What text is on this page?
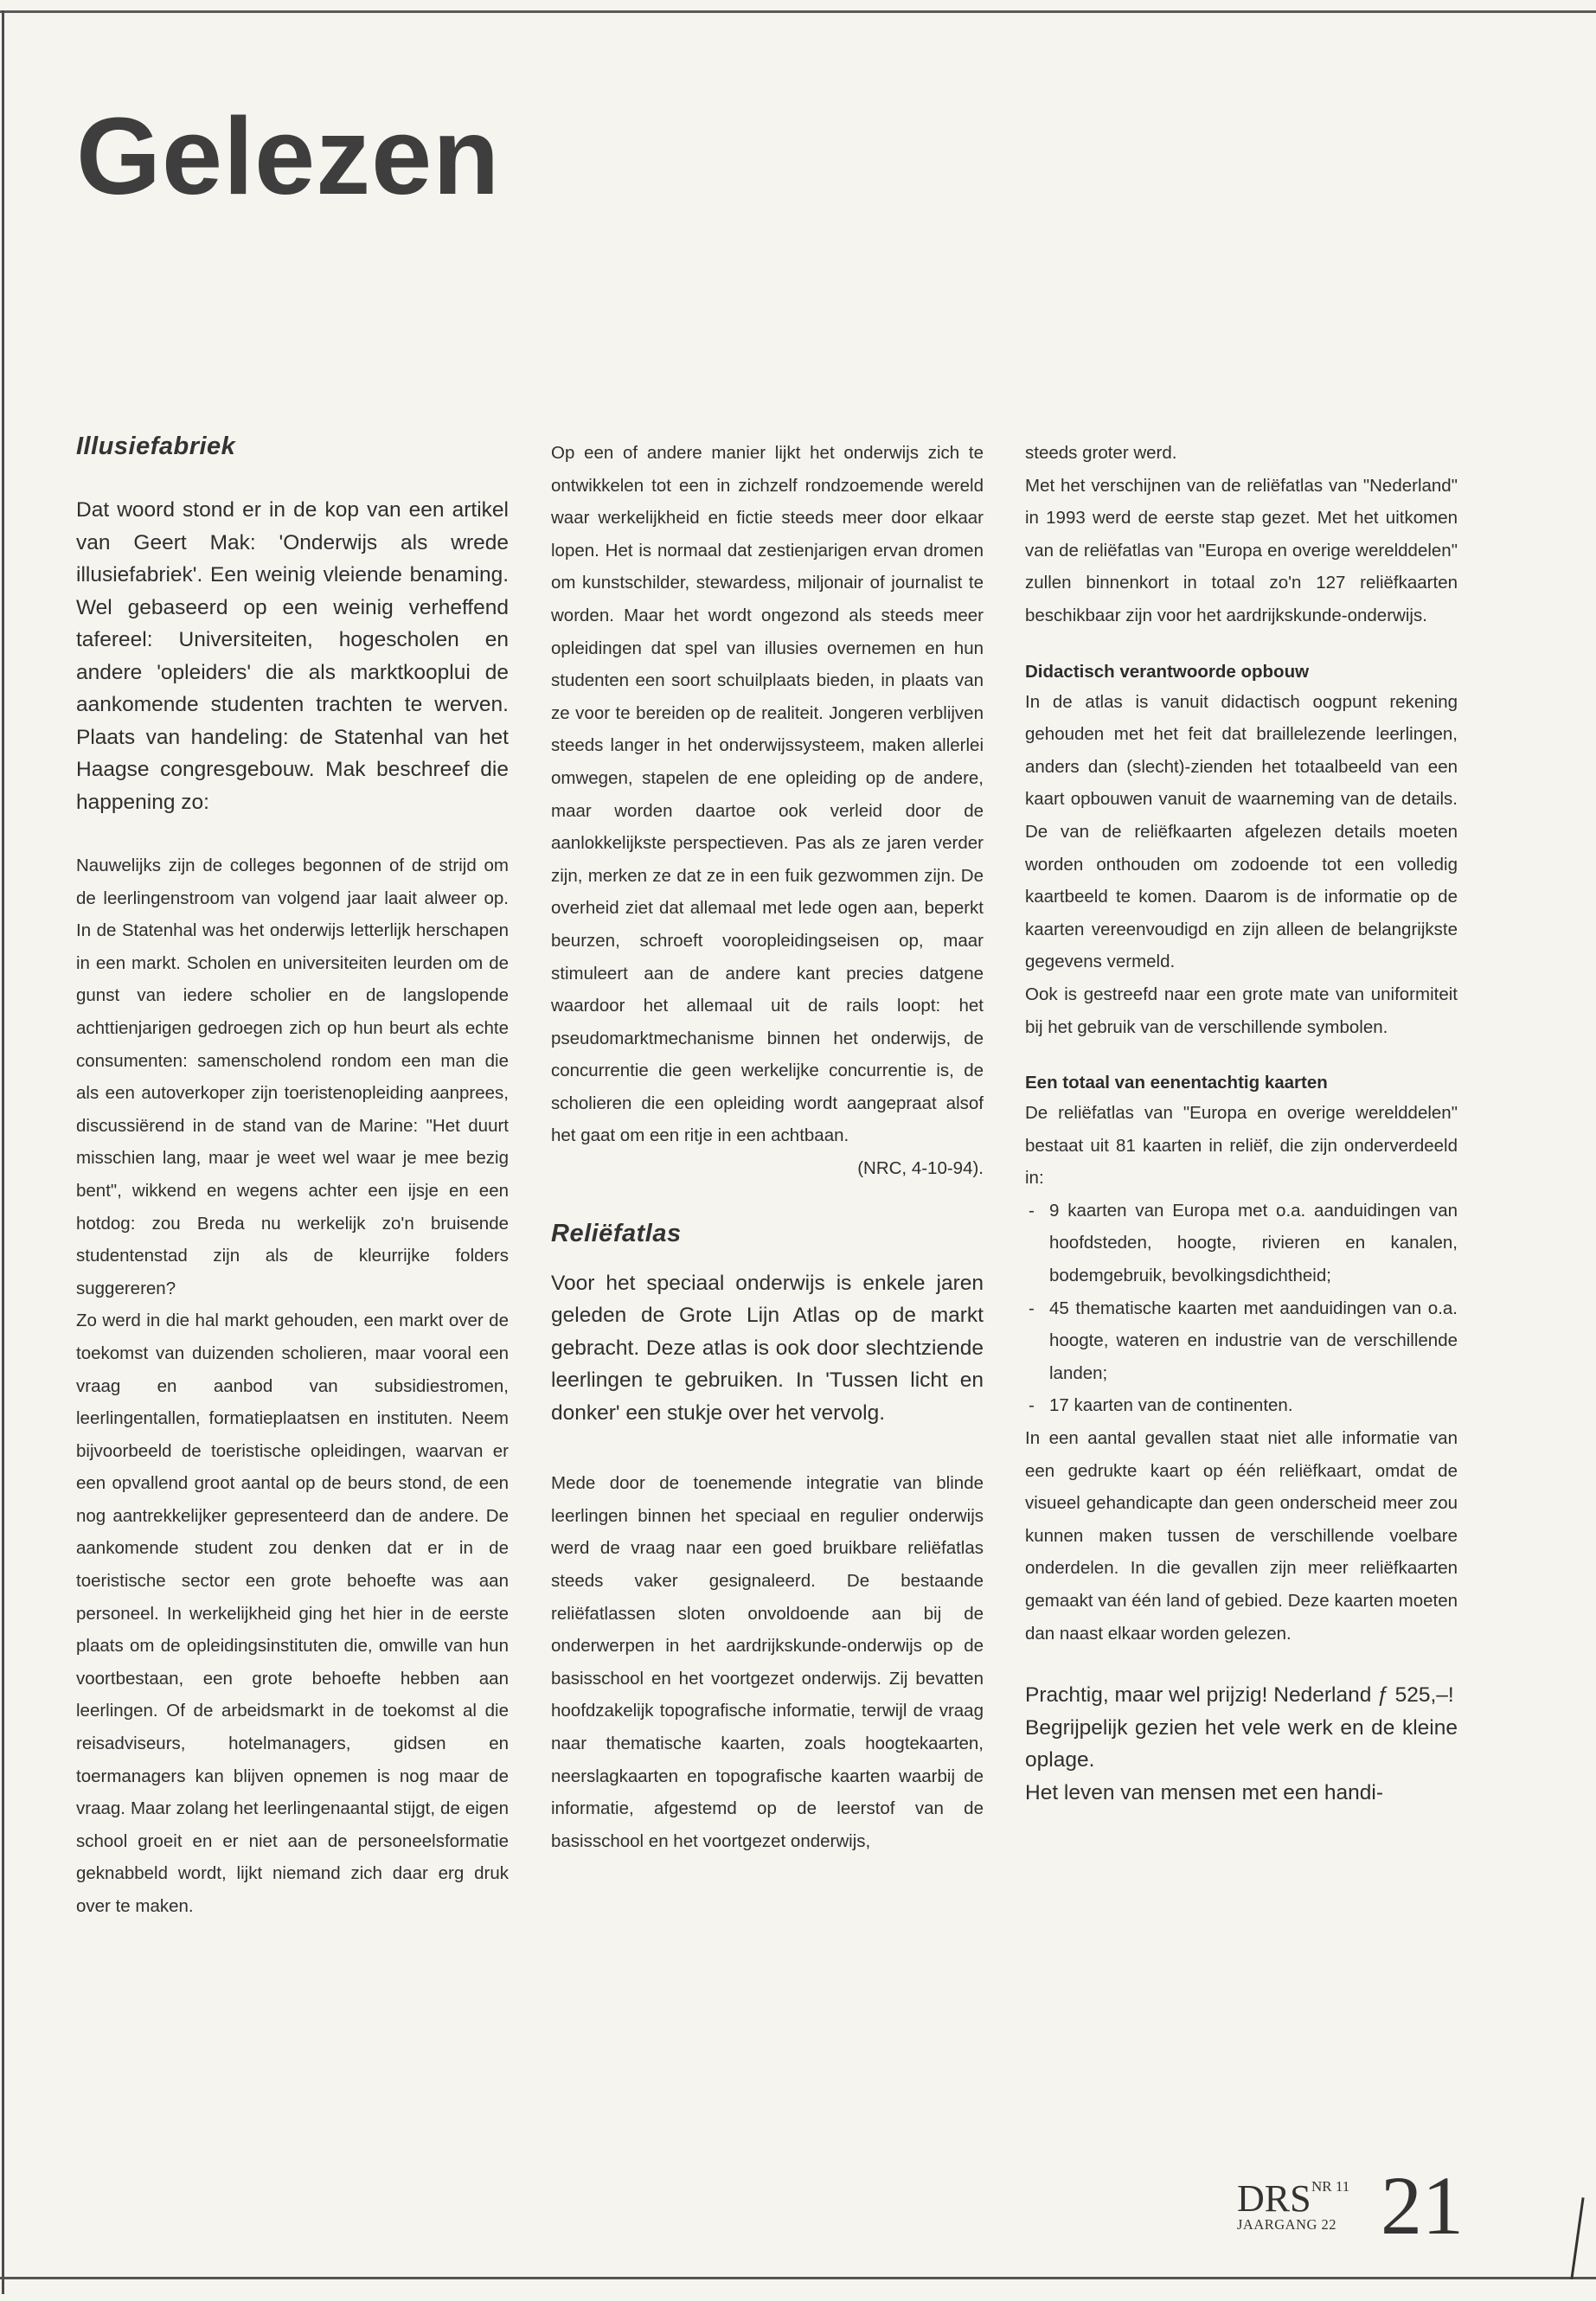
Gelezen
Illusiefabriek

Dat woord stond er in de kop van een artikel van Geert Mak: 'Onderwijs als wrede illusiefabriek'. Een weinig vleiende benaming. Wel gebaseerd op een weinig verheffend tafereel: Universiteiten, hogescholen en andere 'opleiders' die als marktkooplui de aankomende studenten trachten te werven. Plaats van handeling: de Statenhal van het Haagse congresgebouw. Mak beschreef die happening zo:

Nauwelijks zijn de colleges begonnen of de strijd om de leerlingenstroom van volgend jaar laait alweer op. In de Statenhal was het onderwijs letterlijk herschapen in een markt. Scholen en universiteiten leurden om de gunst van iedere scholier en de langslopende achttienjarigen gedroegen zich op hun beurt als echte consumenten: samenscholend rondom een man die als een autoverkoper zijn toeristenopleiding aanprees, discussiërend in de stand van de Marine: "Het duurt misschien lang, maar je weet wel waar je mee bezig bent", wikkend en wegens achter een ijsje en een hotdog: zou Breda nu werkelijk zo'n bruisende studentenstad zijn als de kleurrijke folders suggereren?

Zo werd in die hal markt gehouden, een markt over de toekomst van duizenden scholieren, maar vooral een vraag en aanbod van subsidiestromen, leerlingentallen, formatieplaatsen en instituten. Neem bijvoorbeeld de toeristische opleidingen, waarvan er een opvallend groot aantal op de beurs stond, de een nog aantrekkelijker gepresenteerd dan de andere. De aankomende student zou denken dat er in de toeristische sector een grote behoefte was aan personeel. In werkelijkheid ging het hier in de eerste plaats om de opleidingsinstituten die, omwille van hun voortbestaan, een grote behoefte hebben aan leerlingen. Of de arbeidsmarkt in de toekomst al die reisadviseurs, hotelmanagers, gidsen en toermanagers kan blijven opnemen is nog maar de vraag. Maar zolang het leerlingenaantal stijgt, de eigen school groeit en er niet aan de personeelsformatie geknabbeld wordt, lijkt niemand zich daar erg druk over te maken.

Op een of andere manier lijkt het onderwijs zich te ontwikkelen tot een in zichzelf rondzoemende wereld waar werkelijkheid en fictie steeds meer door elkaar lopen. Het is normaal dat zestienjarigen ervan dromen om kunstschilder, stewardess, miljonair of journalist te worden. Maar het wordt ongezond als steeds meer opleidingen dat spel van illusies overnemen en hun studenten een soort schuilplaats bieden, in plaats van ze voor te bereiden op de realiteit. Jongeren verblijven steeds langer in het onderwijssysteem, maken allerlei omwegen, stapelen de ene opleiding op de andere, maar worden daartoe ook verleid door de aanlokkelijkste perspectieven. Pas als ze jaren verder zijn, merken ze dat ze in een fuik gezwommen zijn. De overheid ziet dat allemaal met lede ogen aan, beperkt beurzen, schroeft vooropleidingseisen op, maar stimuleert aan de andere kant precies datgene waardoor het allemaal uit de rails loopt: het pseudomarktmechanisme binnen het onderwijs, de concurrentie die geen werkelijke concurrentie is, de scholieren die een opleiding wordt aangepraat alsof het gaat om een ritje in een achtbaan.

(NRC, 4-10-94).

Reliëfatlas

Voor het speciaal onderwijs is enkele jaren geleden de Grote Lijn Atlas op de markt gebracht. Deze atlas is ook door slechtziende leerlingen te gebruiken. In 'Tussen licht en donker' een stukje over het vervolg.

Mede door de toenemende integratie van blinde leerlingen binnen het speciaal en regulier onderwijs werd de vraag naar een goed bruikbare reliëfatlas steeds vaker gesignaleerd. De bestaande reliëfatlassen sloten onvoldoende aan bij de onderwerpen in het aardrijkskunde-onderwijs op de basisschool en het voortgezet onderwijs. Zij bevatten hoofdzakelijk topografische informatie, terwijl de vraag naar thematische kaarten, zoals hoogtekaarten, neerslagkaarten en topografische kaarten waarbij de informatie, afgestemd op de leerstof van de basisschool en het voortgezet onderwijs,

steeds groter werd.

Met het verschijnen van de reliëfatlas van "Nederland" in 1993 werd de eerste stap gezet. Met het uitkomen van de reliëfatlas van "Europa en overige werelddelen" zullen binnenkort in totaal zo'n 127 reliëfkaarten beschikbaar zijn voor het aardrijkskunde-onderwijs.

Didactisch verantwoorde opbouw

In de atlas is vanuit didactisch oogpunt rekening gehouden met het feit dat braillelezende leerlingen, anders dan (slecht)-zienden het totaalbeeld van een kaart opbouwen vanuit de waarneming van de details. De van de reliëfkaarten afgelezen details moeten worden onthouden om zodoende tot een volledig kaartbeeld te komen. Daarom is de informatie op de kaarten vereenvoudigd en zijn alleen de belangrijkste gegevens vermeld.

Ook is gestreefd naar een grote mate van uniformiteit bij het gebruik van de verschillende symbolen.

Een totaal van eenentachtig kaarten

De reliëfatlas van "Europa en overige werelddelen" bestaat uit 81 kaarten in reliëf, die zijn onderverdeeld in:

- 9 kaarten van Europa met o.a. aanduidingen van hoofdsteden, hoogte, rivieren en kanalen, bodemgebruik, bevolkingsdichtheid;
- 45 thematische kaarten met aanduidingen van o.a. hoogte, wateren en industrie van de verschillende landen;
- 17 kaarten van de continenten.

In een aantal gevallen staat niet alle informatie van een gedrukte kaart op één reliëfkaart, omdat de visueel gehandicapte dan geen onderscheid meer zou kunnen maken tussen de verschillende voelbare onderdelen. In die gevallen zijn meer reliëfkaarten gemaakt van één land of gebied. Deze kaarten moeten dan naast elkaar worden gelezen.

Prachtig, maar wel prijzig! Nederland ƒ 525,–!

Begrijpelijk gezien het vele werk en de kleine oplage.

Het leven van mensen met een handi-

DRS NR 11
JAARGANG 22 21
